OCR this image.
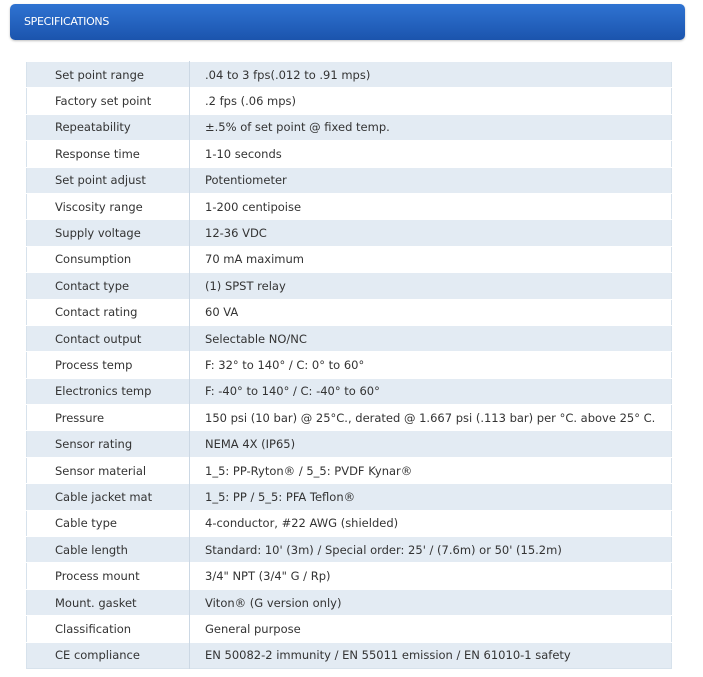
SPECIFICATIONS
Set point range	.04 to 3 fps(.012 to .91 mps)
Factory set point	.2 fps (.06 mps)
Repeatability	±.5% of set point @ fixed temp.
Response time	1-10 seconds
Set point adjust	Potentiometer
Viscosity range	1-200 centipoise
Supply voltage	12-36 VDC
Consumption	70 mA maximum
Contact type	(1) SPST relay
Contact rating	60 VA
Contact output	Selectable NO/NC
Process temp	F: 32° to 140° / C: 0° to 60°
Electronics temp	F: -40° to 140° / C: -40° to 60°
Pressure	150 psi (10 bar) @ 25°C., derated @ 1.667 psi (.113 bar) per °C. above 25° C.
Sensor rating	NEMA 4X (IP65)
Sensor material	1_5: PP-Ryton® / 5_5: PVDF Kynar®
Cable jacket mat	1_5: PP / 5_5: PFA Teflon®
Cable type	4-conductor, #22 AWG (shielded)
Cable length	Standard: 10' (3m) / Special order: 25' / (7.6m) or 50' (15.2m)
Process mount	3/4" NPT (3/4" G / Rp)
Mount. gasket	Viton® (G version only)
Classification	General purpose
CE compliance	EN 50082-2 immunity / EN 55011 emission / EN 61010-1 safety
